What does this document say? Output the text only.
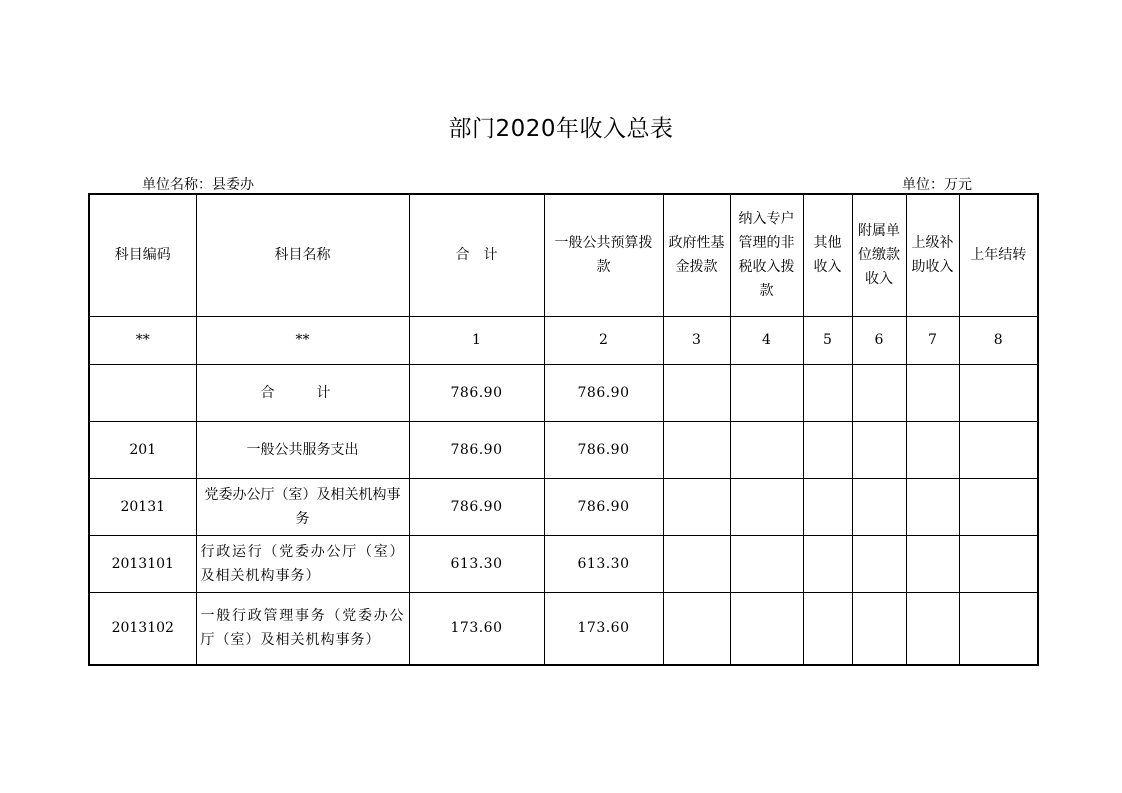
部门2020年收入总表
单位名称：县委办	单位：万元
科目编码	科目名称	合　计	一般公共预算拨款	政府性基金拨款	纳入专户管理的非税收入拨款	其他收入	附属单位缴款收入	上级补助收入	上年结转
**	**	1	2	3	4	5	6	7	8
	合　计	786.90	786.90						
201	一般公共服务支出	786.90	786.90						
20131	党委办公厅（室）及相关机构事务	786.90	786.90						
2013101	行政运行（党委办公厅（室）及相关机构事务）	613.30	613.30						
2013102	一般行政管理事务（党委办公厅（室）及相关机构事务）	173.60	173.60						
